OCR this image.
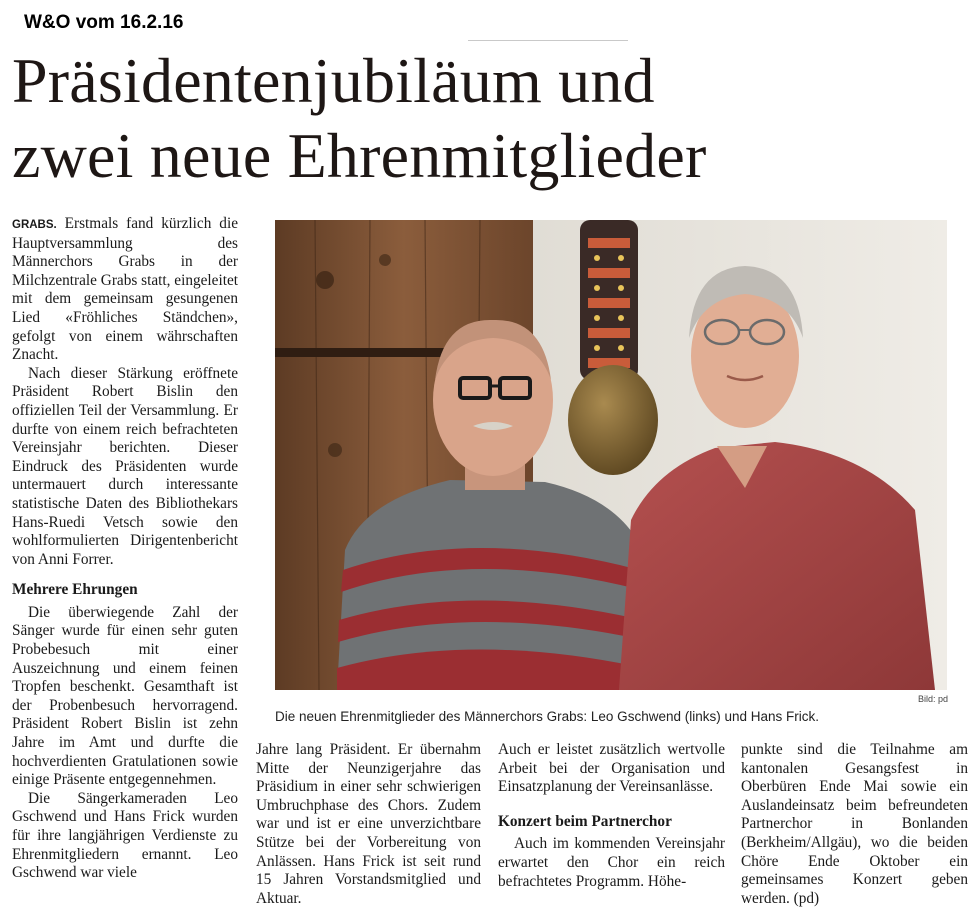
W&O vom 16.2.16
Präsidentenjubiläum und
zwei neue Ehrenmitglieder

GRABS. Erstmals fand kürzlich die Hauptversammlung des Männerchors Grabs in der Milchzentrale Grabs statt, eingeleitet mit dem gemeinsam gesungenen Lied «Fröhliches Ständchen», gefolgt von einem währschaften Znacht.

Nach dieser Stärkung eröffnete Präsident Robert Bislin den offiziellen Teil der Versammlung. Er durfte von einem reich befrachteten Vereinsjahr berichten. Dieser Eindruck des Präsidenten wurde untermauert durch interessante statistische Daten des Bibliothekars Hans-Ruedi Vetsch sowie den wohlformulierten Dirigentenbericht von Anni Forrer.

Mehrere Ehrungen

Die überwiegende Zahl der Sänger wurde für einen sehr guten Probebesuch mit einer Auszeichnung und einem feinen Tropfen beschenkt. Gesamthaft ist der Probenbesuch hervorragend. Präsident Robert Bislin ist zehn Jahre im Amt und durfte die hochverdienten Gratulationen sowie einige Präsente entgegennehmen.

Die Sängerkameraden Leo Gschwend und Hans Frick wurden für ihre langjährigen Verdienste zu Ehrenmitgliedern ernannt. Leo Gschwend war viele

Jahre lang Präsident. Er übernahm Mitte der Neunzigerjahre das Präsidium in einer sehr schwierigen Umbruchphase des Chors. Zudem war und ist er eine unverzichtbare Stütze bei der Vorbereitung von Anlässen. Hans Frick ist seit rund 15 Jahren Vorstandsmitglied und Aktuar.

Auch er leistet zusätzlich wertvolle Arbeit bei der Organisation und Einsatzplanung der Vereinsanlässe.

Konzert beim Partnerchor

Auch im kommenden Vereinsjahr erwartet den Chor ein reich befrachtetes Programm. Höhe-

punkte sind die Teilnahme am kantonalen Gesangsfest in Oberbüren Ende Mai sowie ein Auslandeinsatz beim befreundeten Partnerchor in Bonlanden (Berkheim/Allgäu), wo die beiden Chöre Ende Oktober ein gemeinsames Konzert geben werden. (pd)

Bild: pd
Die neuen Ehrenmitglieder des Männerchors Grabs: Leo Gschwend (links) und Hans Frick.
